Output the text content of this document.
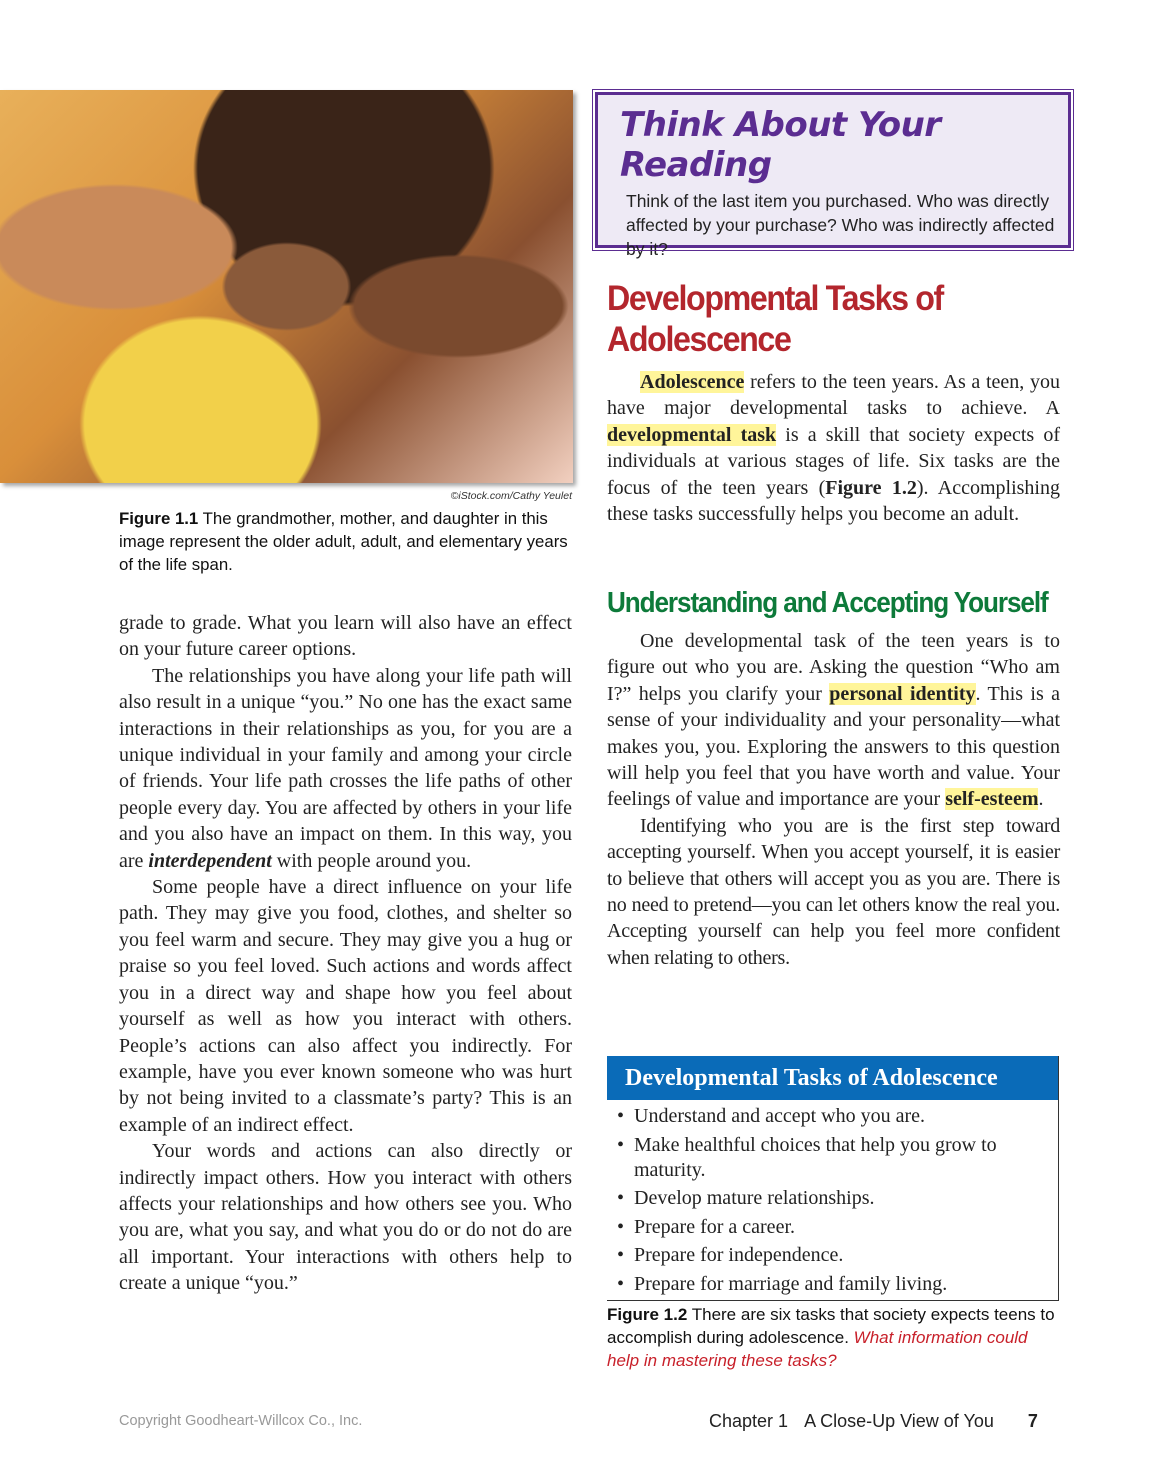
©iStock.com/Cathy Yeulet
Figure 1.1 The grandmother, mother, and daughter in this image represent the older adult, adult, and elementary years of the life span.

grade to grade. What you learn will also have an effect on your future career options.

The relationships you have along your life path will also result in a unique “you.” No one has the exact same interactions in their relationships as you, for you are a unique individual in your family and among your circle of friends. Your life path crosses the life paths of other people every day. You are affected by others in your life and you also have an impact on them. In this way, you are interdependent with people around you.

Some people have a direct influence on your life path. They may give you food, clothes, and shelter so you feel warm and secure. They may give you a hug or praise so you feel loved. Such actions and words affect you in a direct way and shape how you feel about yourself as well as how you interact with others. People’s actions can also affect you indirectly. For example, have you ever known someone who was hurt by not being invited to a classmate’s party? This is an example of an indirect effect.

Your words and actions can also directly or indirectly impact others. How you interact with others affects your relationships and how others see you. Who you are, what you say, and what you do or do not do are all important. Your interactions with others help to create a unique “you.”

Think About Your Reading
Think of the last item you purchased. Who was directly affected by your purchase? Who was indirectly affected by it?
Developmental Tasks of
Adolescence

Adolescence refers to the teen years. As a teen, you have major developmental tasks to achieve. A developmental task is a skill that society expects of individuals at various stages of life. Six tasks are the focus of the teen years (Figure 1.2). Accomplishing these tasks successfully helps you become an adult.

Understanding and Accepting Yourself

One developmental task of the teen years is to figure out who you are. Asking the question “Who am I?” helps you clarify your personal identity. This is a sense of your individuality and your personality—what makes you, you. Exploring the answers to this question will help you feel that you have worth and value. Your feelings of value and importance are your self-esteem.

Identifying who you are is the first step toward accepting yourself. When you accept yourself, it is easier to believe that others will accept you as you are. There is no need to pretend—you can let others know the real you. Accepting yourself can help you feel more confident when relating to others.

Developmental Tasks of Adolescence
• Understand and accept who you are.
• Make healthful choices that help you grow to maturity.
• Develop mature relationships.
• Prepare for a career.
• Prepare for independence.
• Prepare for marriage and family living.
Figure 1.2 There are six tasks that society expects teens to accomplish during adolescence. What information could help in mastering these tasks?
Copyright Goodheart-Willcox Co., Inc.	Chapter 1 A Close-Up View of You 7
